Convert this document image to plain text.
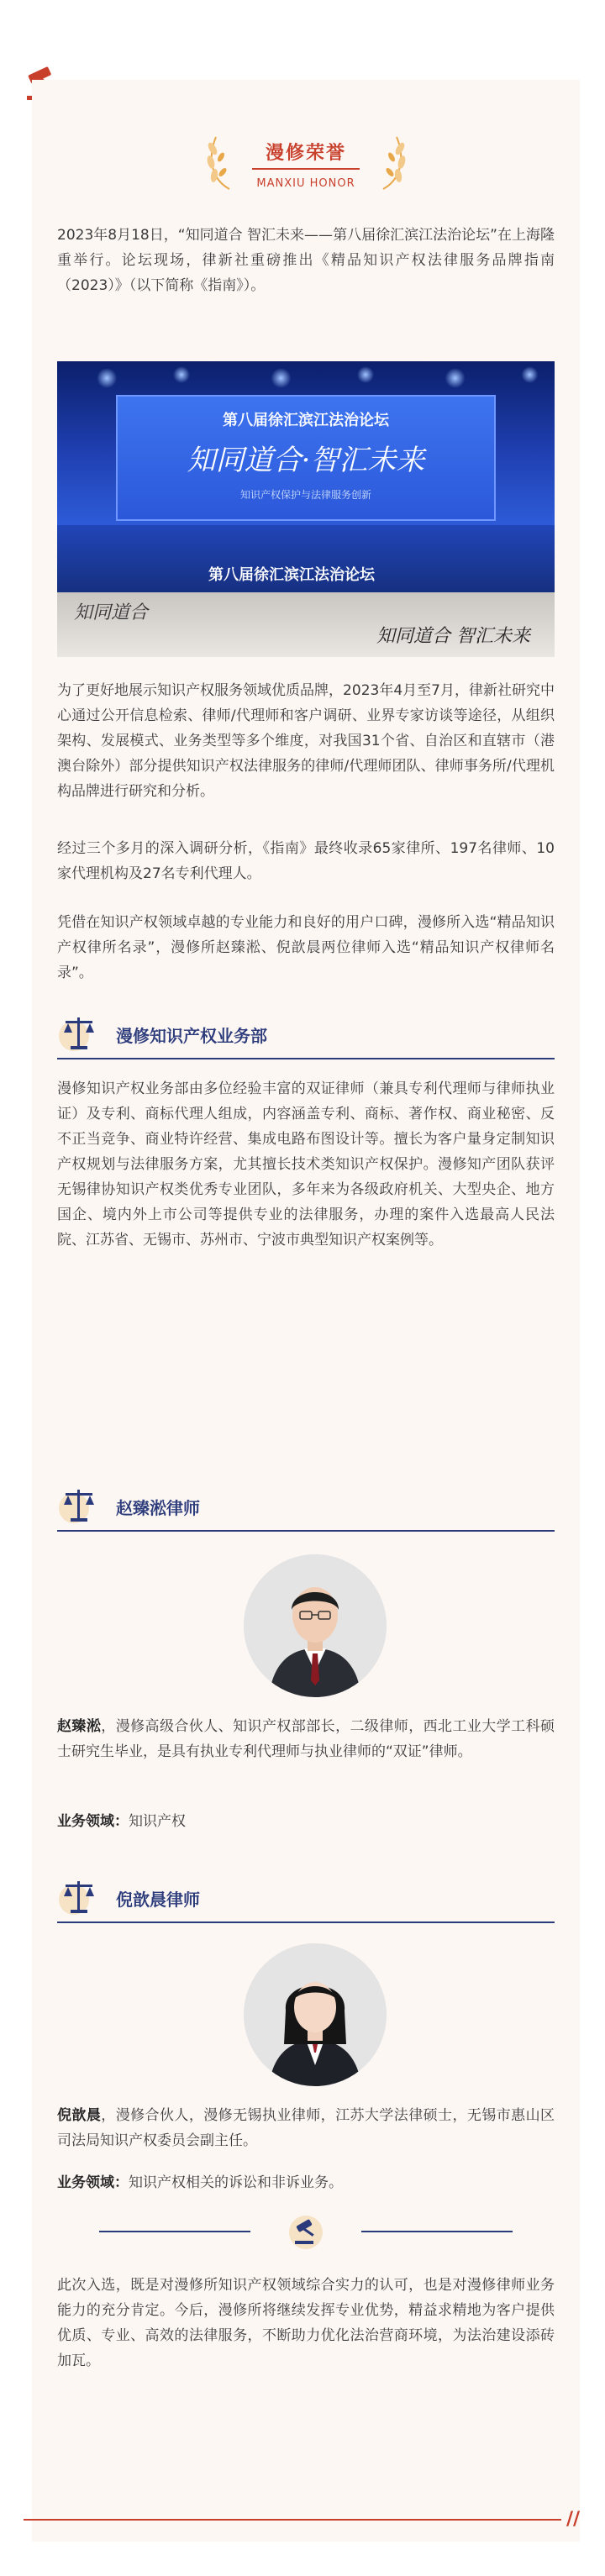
漫修荣誉
MANXIU HONOR

2023年8月18日，“知同道合 智汇未来——第八届徐汇滨江法治论坛”在上海隆重举行。论坛现场，律新社重磅推出《精品知识产权法律服务品牌指南（2023）》（以下简称《指南》）。

第八届徐汇滨江法治论坛
知同道合·智汇未来
知识产权保护与法律服务创新
第八届徐汇滨江法治论坛
知同道合
知同道合 智汇未来

为了更好地展示知识产权服务领域优质品牌，2023年4月至7月，律新社研究中心通过公开信息检索、律师/代理师和客户调研、业界专家访谈等途径，从组织架构、发展模式、业务类型等多个维度，对我国31个省、自治区和直辖市（港澳台除外）部分提供知识产权法律服务的律师/代理师团队、律师事务所/代理机构品牌进行研究和分析。

经过三个多月的深入调研分析，《指南》最终收录65家律所、197名律师、10家代理机构及27名专利代理人。

凭借在知识产权领域卓越的专业能力和良好的用户口碑，漫修所入选“精品知识产权律所名录”，漫修所赵臻淞、倪歆晨两位律师入选“精品知识产权律师名录”。

漫修知识产权业务部

漫修知识产权业务部由多位经验丰富的双证律师（兼具专利代理师与律师执业证）及专利、商标代理人组成，内容涵盖专利、商标、著作权、商业秘密、反不正当竞争、商业特许经营、集成电路布图设计等。擅长为客户量身定制知识产权规划与法律服务方案，尤其擅长技术类知识产权保护。漫修知产团队获评无锡律协知识产权类优秀专业团队，多年来为各级政府机关、大型央企、地方国企、境内外上市公司等提供专业的法律服务，办理的案件入选最高人民法院、江苏省、无锡市、苏州市、宁波市典型知识产权案例等。

赵臻淞律师

赵臻淞，漫修高级合伙人、知识产权部部长，二级律师，西北工业大学工科硕士研究生毕业，是具有执业专利代理师与执业律师的“双证”律师。

业务领域：知识产权

倪歆晨律师

倪歆晨，漫修合伙人，漫修无锡执业律师，江苏大学法律硕士，无锡市惠山区司法局知识产权委员会副主任。

业务领域：知识产权相关的诉讼和非诉业务。

此次入选，既是对漫修所知识产权领域综合实力的认可，也是对漫修律师业务能力的充分肯定。今后，漫修所将继续发挥专业优势，精益求精地为客户提供优质、专业、高效的法律服务，不断助力优化法治营商环境，为法治建设添砖加瓦。

//
